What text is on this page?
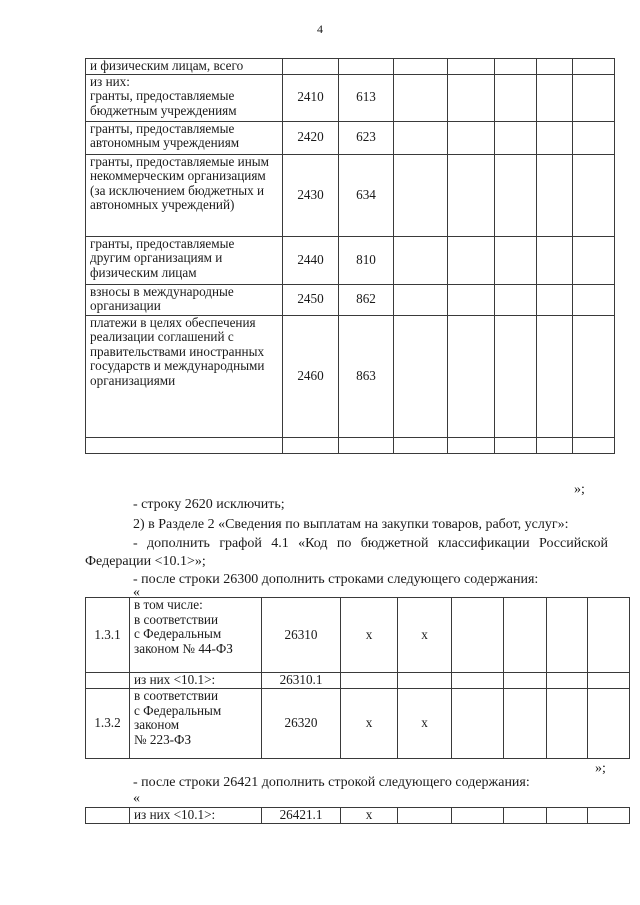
4
и физическим лицам, всего							
из них:
гранты, предоставляемые бюджетным учреждениям	2410	613					
гранты, предоставляемые автономным учреждениям	2420	623					
гранты, предоставляемые иным некоммерческим организациям (за исключением бюджетных и автономных учреждений)	2430	634					
гранты, предоставляемые другим организациям и физическим лицам	2440	810					
взносы в международные организации	2450	862					
платежи в целях обеспечения реализации соглашений с правительствами иностранных государств и международными организациями	2460	863					

»;
- строку 2620 исключить;
2) в Разделе 2 «Сведения по выплатам на закупки товаров, работ, услуг»:
- дополнить графой 4.1 «Код по бюджетной классификации Российской
Федерации <10.1>»;
- после строки 26300 дополнить строками следующего содержания:
«
1.3.1	в том числе:
в соответствии
с Федеральным
законом № 44-ФЗ	26310	x	x				
	из них <10.1>:	26310.1						
1.3.2	в соответствии
с Федеральным
законом
№ 223-ФЗ	26320	x	x				
»;
- после строки 26421 дополнить строкой следующего содержания:
«
	из них <10.1>:	26421.1	x					
